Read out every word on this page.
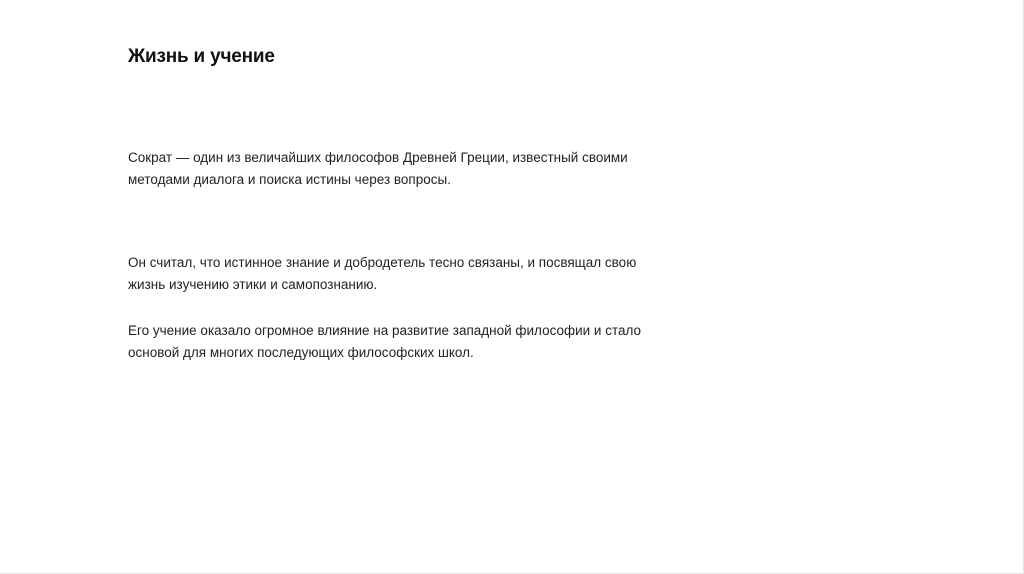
Жизнь и учение

Сократ — один из величайших философов Древней Греции, известный своими методами диалога и поиска истины через вопросы.

Он считал, что истинное знание и добродетель тесно связаны, и посвящал свою жизнь изучению этики и самопознанию.

Его учение оказало огромное влияние на развитие западной философии и стало основой для многих последующих философских школ.
